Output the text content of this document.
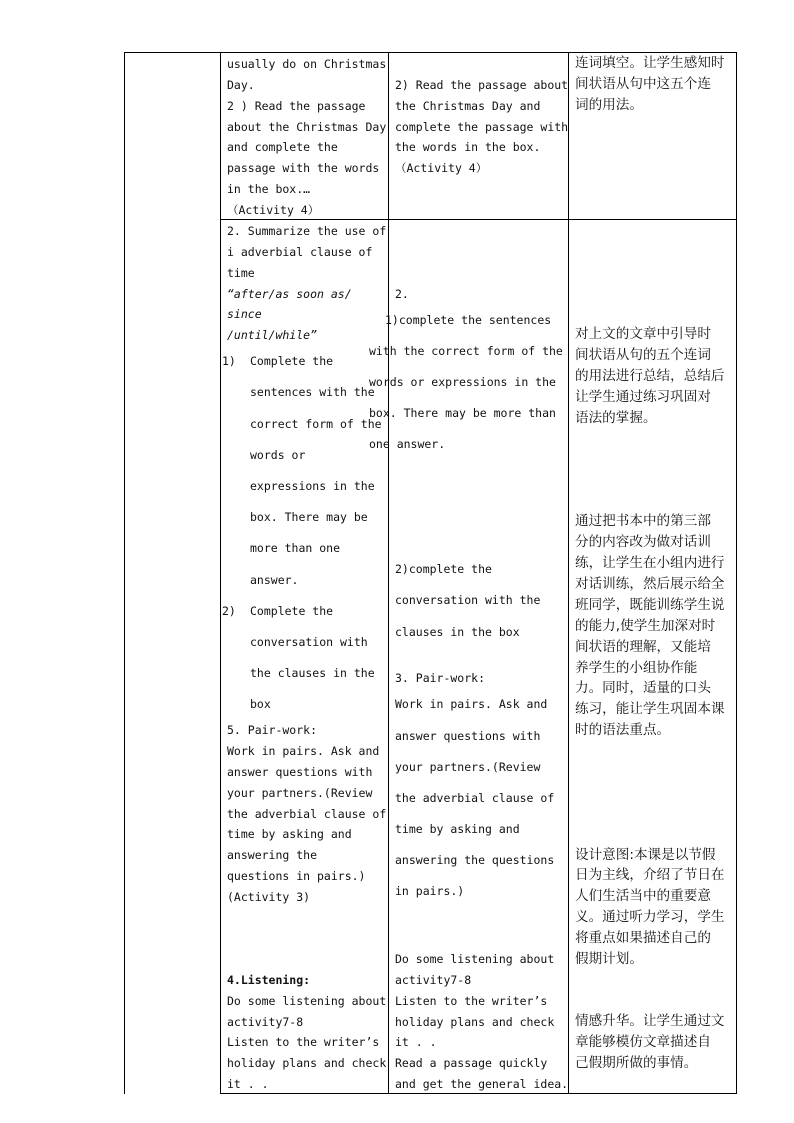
usually do on Christmas
Day.
2 ) Read the passage
about the Christmas Day
and complete the
passage with the words
in the box.…
（Activity 4）
2. Summarize the use of
i adverbial clause of
time
“after/as soon as/
since
/until/while”
1) Complete the
sentences with the
correct form of the
words or
expressions in the
box. There may be
more than one
answer.
2) Complete the
conversation with
the clauses in the
box
5. Pair-work:
Work in pairs. Ask and
answer questions with
your partners.(Review
the adverbial clause of
time by asking and
answering the
questions in pairs.)
(Activity 3)
4.Listening:
Do some listening about
activity7-8
Listen to the writer’s
holiday plans and check
it . .
2) Read the passage about
the Christmas Day and
complete the passage with
the words in the box.
（Activity 4）
2.
1)complete the sentences
with the correct form of the
words or expressions in the
box. There may be more than
one answer.
2)complete the
conversation with the
clauses in the box
3. Pair-work:
Work in pairs. Ask and
answer questions with
your partners.(Review
the adverbial clause of
time by asking and
answering the questions
in pairs.)
Do some listening about
activity7-8
Listen to the writer’s
holiday plans and check
it . .
Read a passage quickly
and get the general idea.
连词填空。让学生感知时
间状语从句中这五个连
词的用法。
对上文的文章中引导时
间状语从句的五个连词
的用法进行总结，总结后
让学生通过练习巩固对
语法的掌握。
通过把书本中的第三部
分的内容改为做对话训
练，让学生在小组内进行
对话训练，然后展示给全
班同学，既能训练学生说
的能力,使学生加深对时
间状语的理解，又能培
养学生的小组协作能
力。同时，适量的口头
练习，能让学生巩固本课
时的语法重点。
设计意图:本课是以节假
日为主线，介绍了节日在
人们生活当中的重要意
义。通过听力学习，学生
将重点如果描述自己的
假期计划。
情感升华。让学生通过文
章能够模仿文章描述自
己假期所做的事情。
